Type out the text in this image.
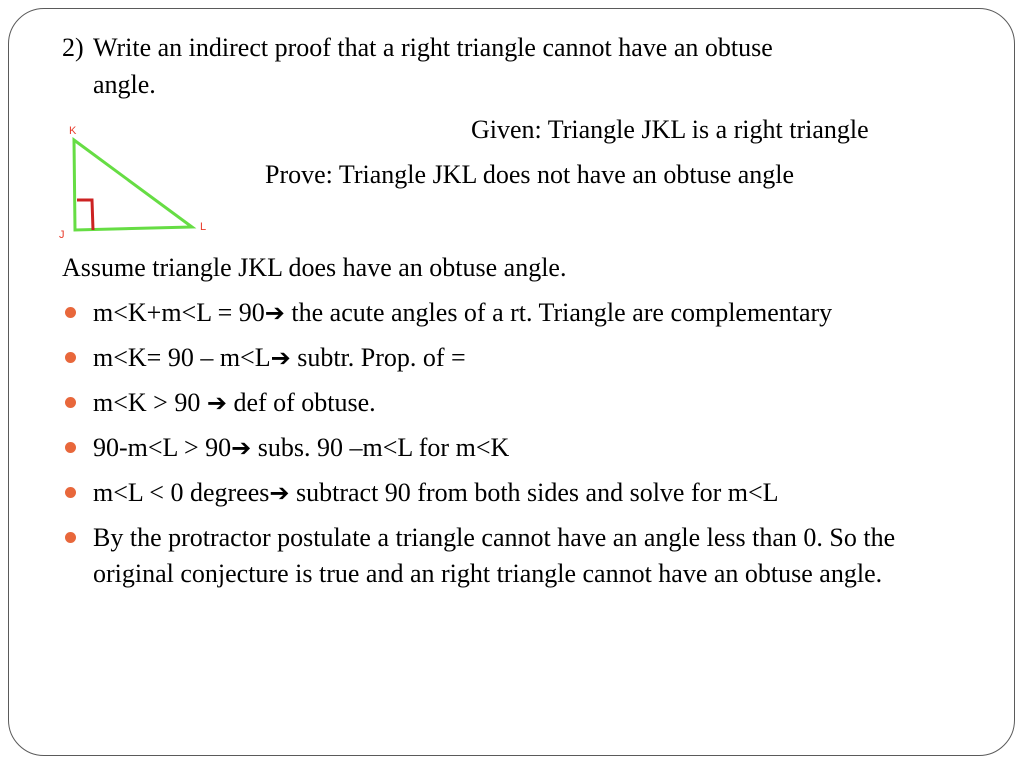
2) Write an indirect proof that a right triangle cannot have an obtuse
angle.
Given: Triangle JKL is a right triangle
Prove: Triangle JKL does not have an obtuse angle
K
J
L
Assume triangle JKL does have an obtuse angle.
m<K+m<L = 90➔ the acute angles of a rt. Triangle are complementary
m<K= 90 – m<L➔ subtr. Prop. of =
m<K > 90 ➔ def of obtuse.
90-m<L > 90➔ subs. 90 –m<L for m<K
m<L < 0 degrees➔ subtract 90 from both sides and solve for m<L
By the protractor postulate a triangle cannot have an angle less than 0. So the original conjecture is true and an right triangle cannot have an obtuse angle.
